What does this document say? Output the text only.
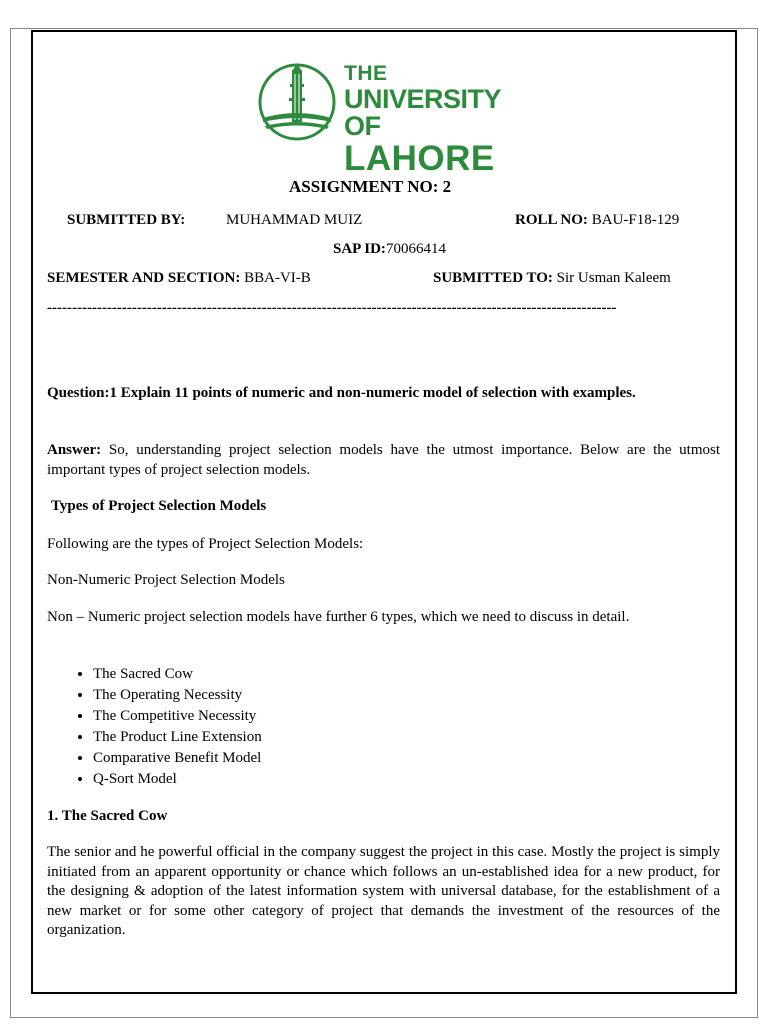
THE
UNIVERSITY OF
LAHORE
ASSIGNMENT NO: 2
SUBMITTED BY:	MUHAMMAD MUIZ	ROLL NO: BAU-F18-129
SAP ID:70066414
SEMESTER AND SECTION: BBA-VI-B	SUBMITTED TO: Sir Usman Kaleem
------------------------------------------------------------------------------------------------------------------
Question:1 Explain 11 points of numeric and non-numeric model of selection with examples.
Answer: So, understanding project selection models have the utmost importance. Below are the utmost important types of project selection models.
Types of Project Selection Models
Following are the types of Project Selection Models:
Non-Numeric Project Selection Models
Non – Numeric project selection models have further 6 types, which we need to discuss in detail.
• The Sacred Cow
• The Operating Necessity
• The Competitive Necessity
• The Product Line Extension
• Comparative Benefit Model
• Q-Sort Model
1. The Sacred Cow
The senior and he powerful official in the company suggest the project in this case. Mostly the project is simply initiated from an apparent opportunity or chance which follows an un-established idea for a new product, for the designing & adoption of the latest information system with universal database, for the establishment of a new market or for some other category of project that demands the investment of the resources of the organization.
